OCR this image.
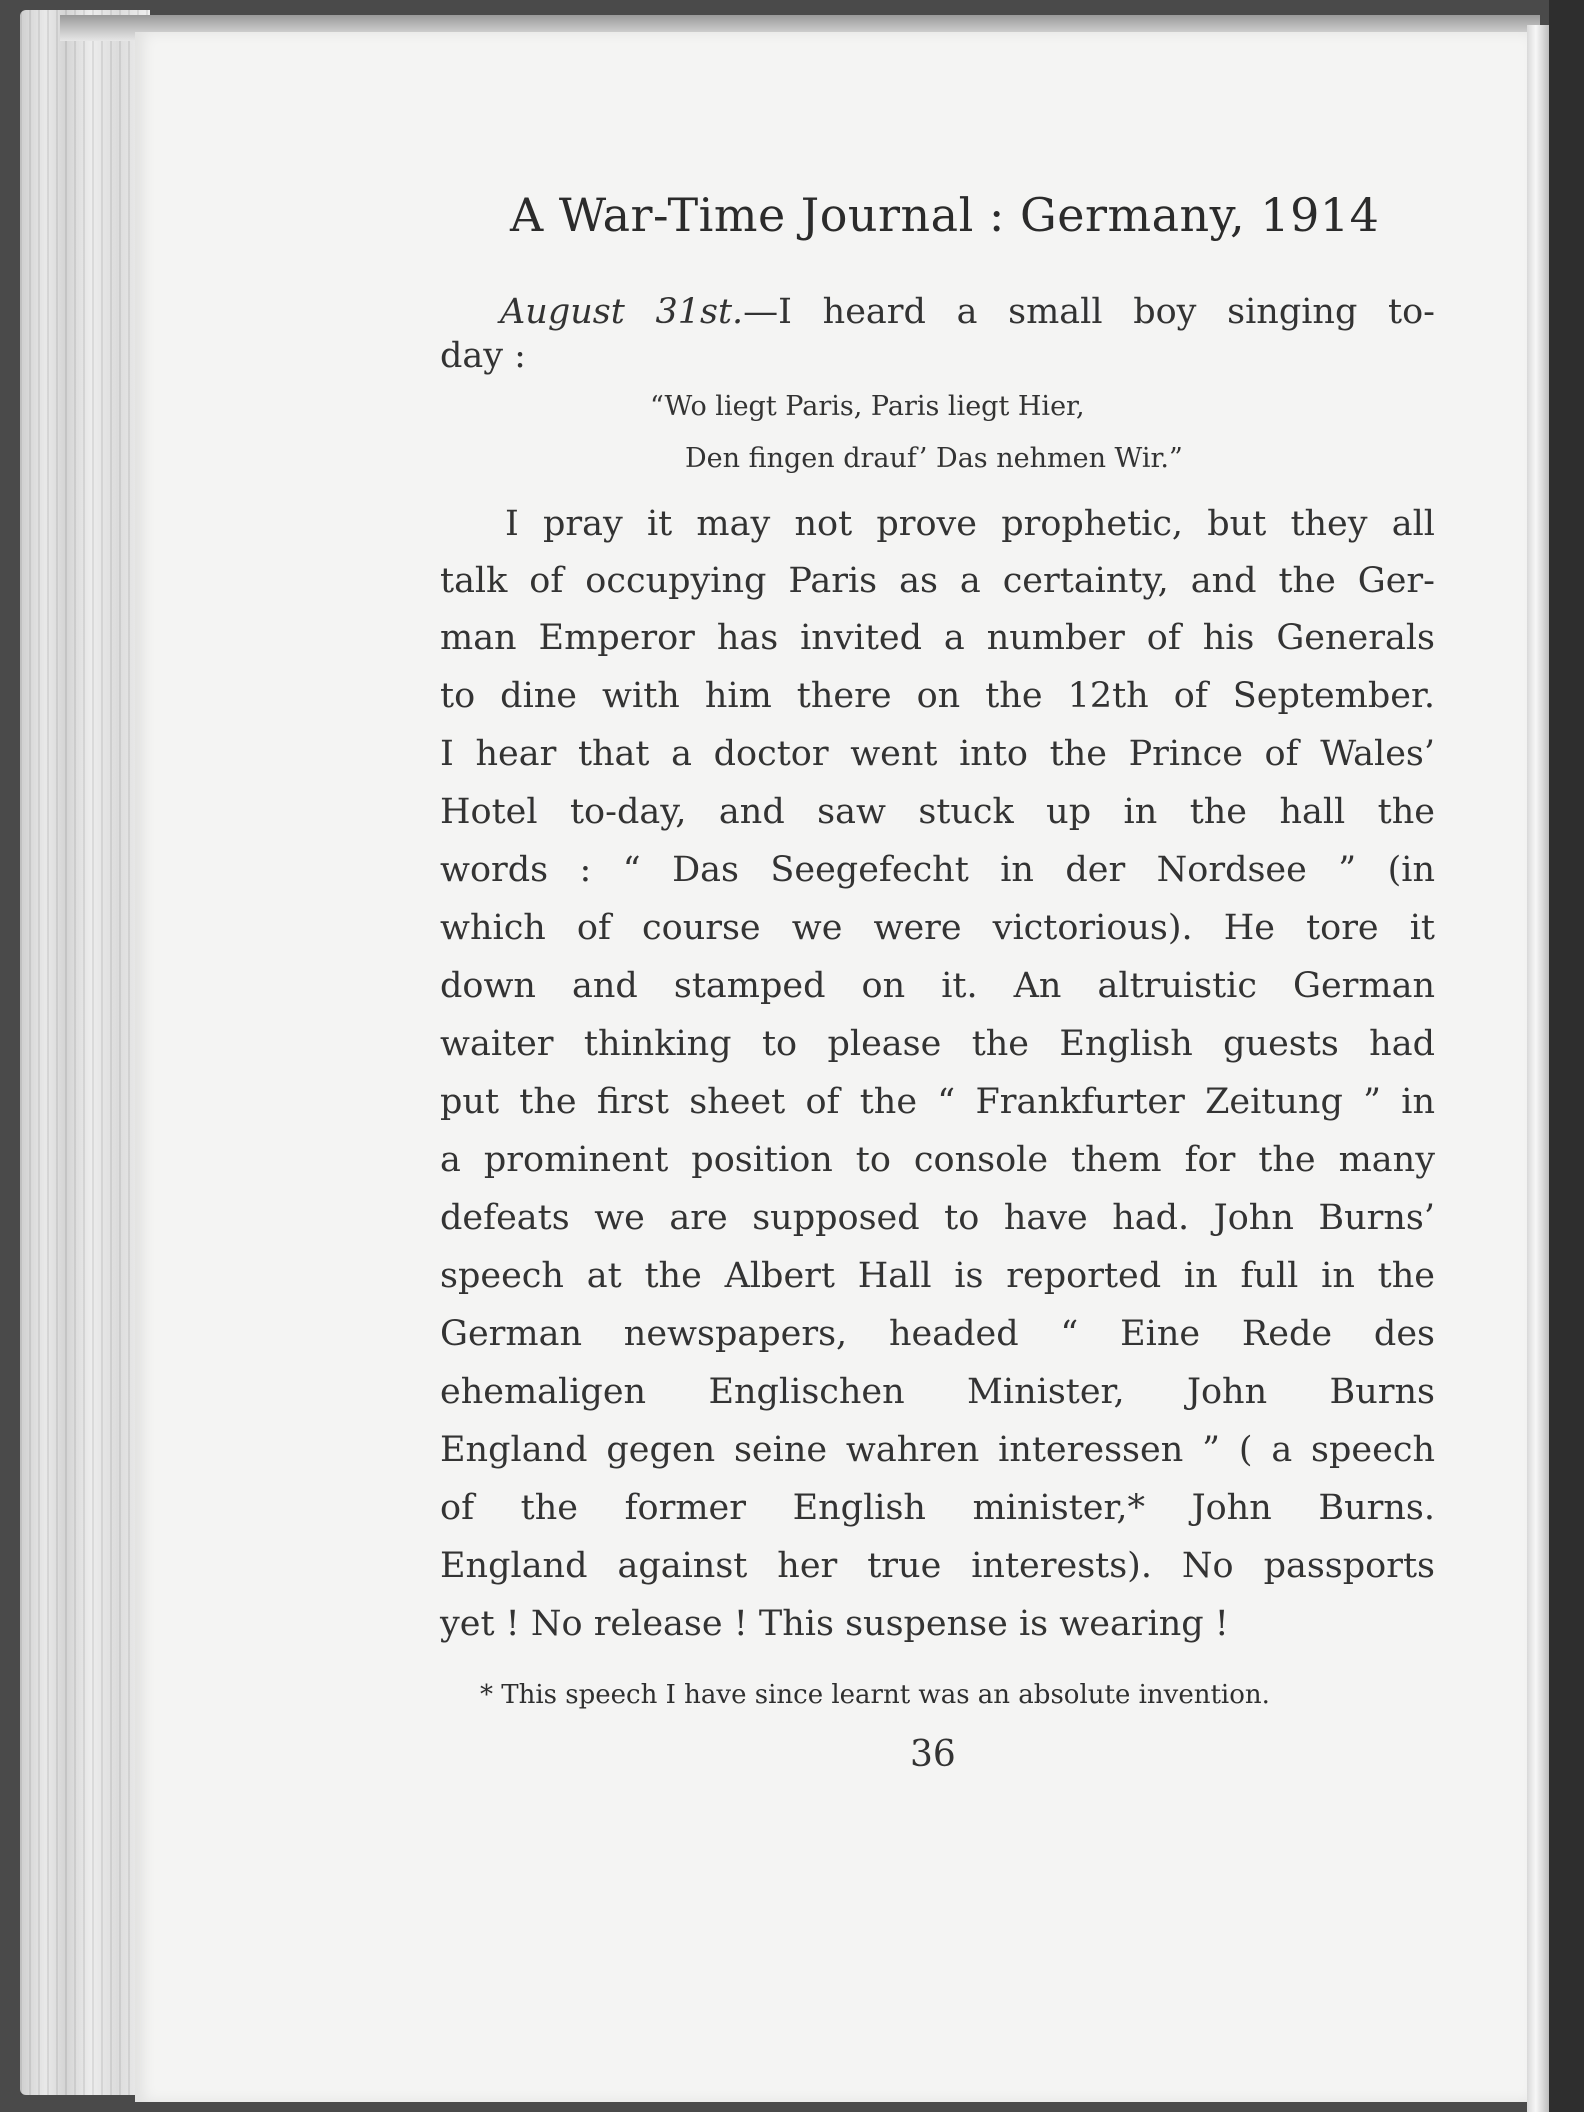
A War-Time Journal : Germany, 1914
August 31st.—I heard a small boy singing to-
day :
“Wo liegt Paris, Paris liegt Hier,
Den fingen drauf’ Das nehmen Wir.”
I pray it may not prove prophetic, but they all
talk of occupying Paris as a certainty, and the Ger-
man Emperor has invited a number of his Generals
to dine with him there on the 12th of September.
I hear that a doctor went into the Prince of Wales’
Hotel to-day, and saw stuck up in the hall the
words : “ Das Seegefecht in der Nordsee ” (in
which of course we were victorious). He tore it
down and stamped on it. An altruistic German
waiter thinking to please the English guests had
put the first sheet of the “ Frankfurter Zeitung ” in
a prominent position to console them for the many
defeats we are supposed to have had. John Burns’
speech at the Albert Hall is reported in full in the
German newspapers, headed “ Eine Rede des
ehemaligen Englischen Minister, John Burns
England gegen seine wahren interessen ” ( a speech
of the former English minister,* John Burns.
England against her true interests). No passports
yet ! No release ! This suspense is wearing !
* This speech I have since learnt was an absolute invention.
36
